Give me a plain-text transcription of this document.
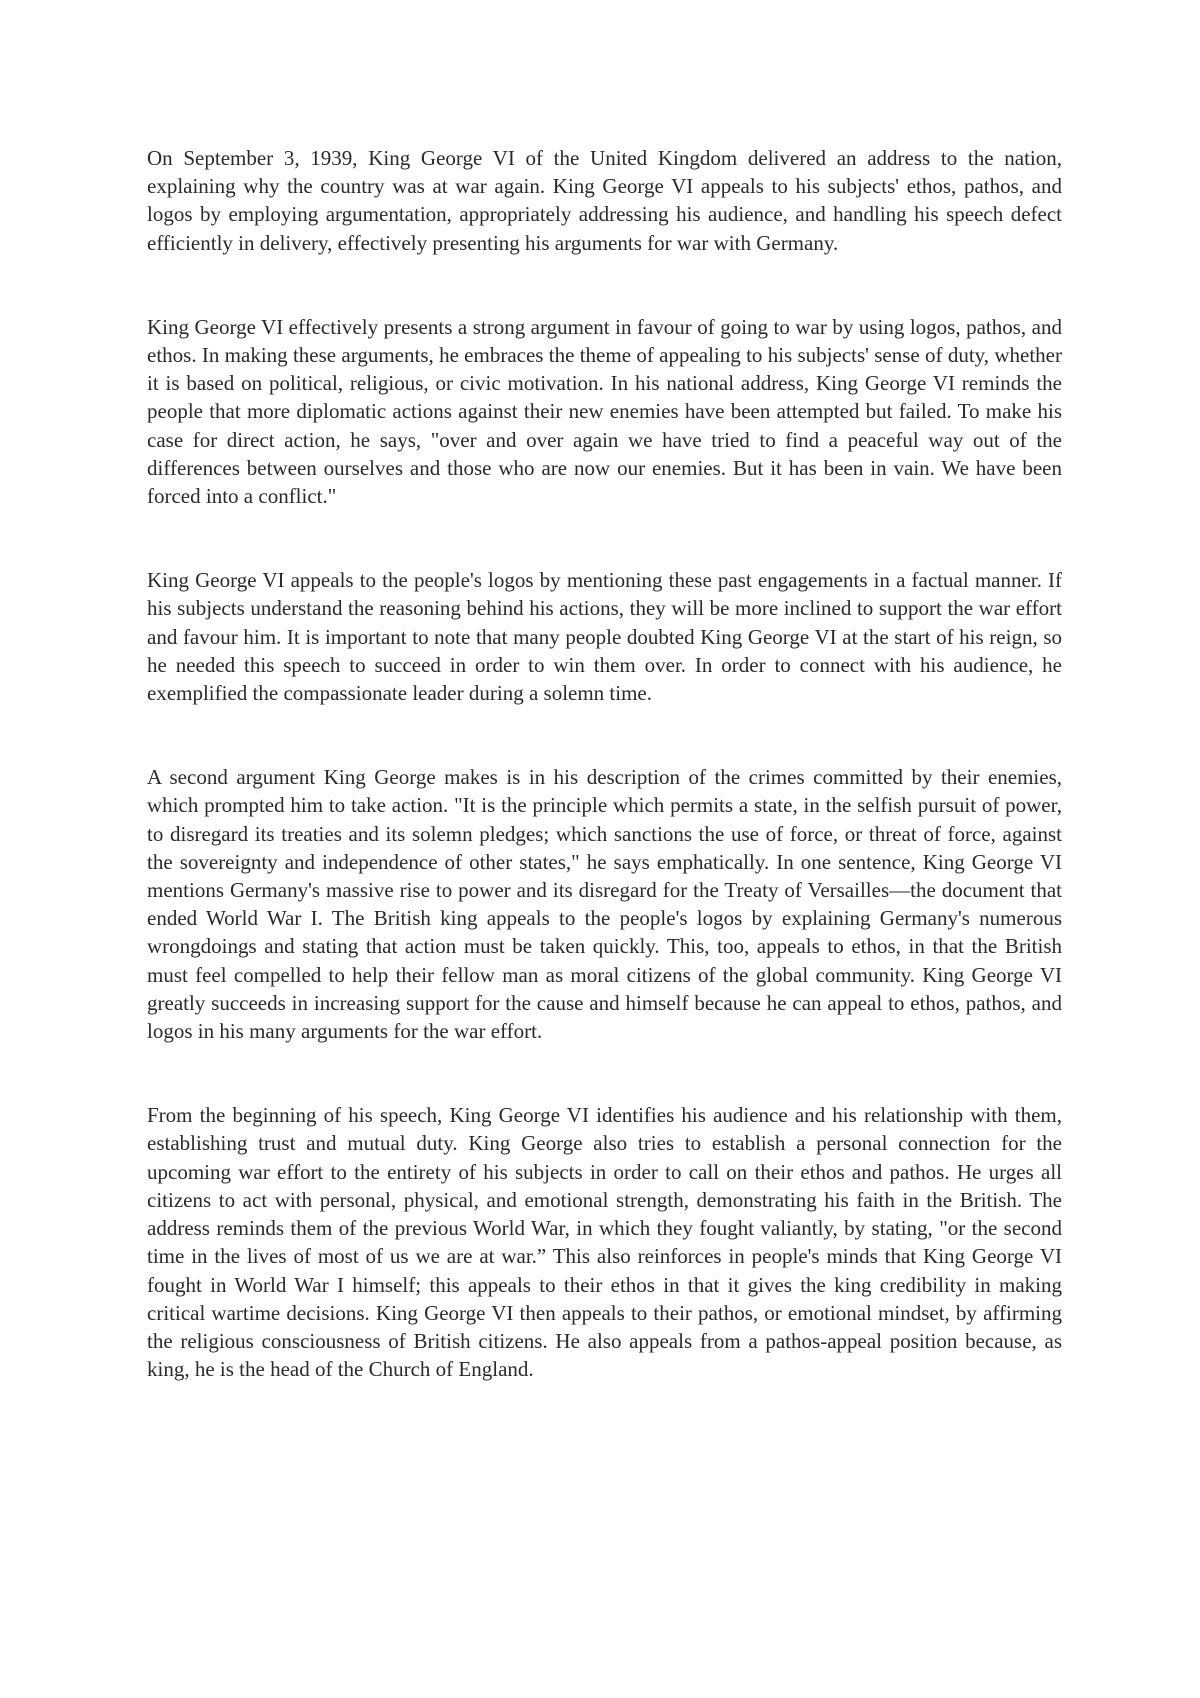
On September 3, 1939, King George VI of the United Kingdom delivered an address to the nation, explaining why the country was at war again. King George VI appeals to his subjects' ethos, pathos, and logos by employing argumentation, appropriately addressing his audience, and handling his speech defect efficiently in delivery, effectively presenting his arguments for war with Germany.

King George VI effectively presents a strong argument in favour of going to war by using logos, pathos, and ethos. In making these arguments, he embraces the theme of appealing to his subjects' sense of duty, whether it is based on political, religious, or civic motivation. In his national address, King George VI reminds the people that more diplomatic actions against their new enemies have been attempted but failed. To make his case for direct action, he says, "over and over again we have tried to find a peaceful way out of the differences between ourselves and those who are now our enemies. But it has been in vain. We have been forced into a conflict."

King George VI appeals to the people's logos by mentioning these past engagements in a factual manner. If his subjects understand the reasoning behind his actions, they will be more inclined to support the war effort and favour him. It is important to note that many people doubted King George VI at the start of his reign, so he needed this speech to succeed in order to win them over. In order to connect with his audience, he exemplified the compassionate leader during a solemn time.

A second argument King George makes is in his description of the crimes committed by their enemies, which prompted him to take action. "It is the principle which permits a state, in the selfish pursuit of power, to disregard its treaties and its solemn pledges; which sanctions the use of force, or threat of force, against the sovereignty and independence of other states," he says emphatically. In one sentence, King George VI mentions Germany's massive rise to power and its disregard for the Treaty of Versailles—the document that ended World War I. The British king appeals to the people's logos by explaining Germany's numerous wrongdoings and stating that action must be taken quickly. This, too, appeals to ethos, in that the British must feel compelled to help their fellow man as moral citizens of the global community. King George VI greatly succeeds in increasing support for the cause and himself because he can appeal to ethos, pathos, and logos in his many arguments for the war effort.

From the beginning of his speech, King George VI identifies his audience and his relationship with them, establishing trust and mutual duty. King George also tries to establish a personal connection for the upcoming war effort to the entirety of his subjects in order to call on their ethos and pathos. He urges all citizens to act with personal, physical, and emotional strength, demonstrating his faith in the British. The address reminds them of the previous World War, in which they fought valiantly, by stating, "or the second time in the lives of most of us we are at war.” This also reinforces in people's minds that King George VI fought in World War I himself; this appeals to their ethos in that it gives the king credibility in making critical wartime decisions. King George VI then appeals to their pathos, or emotional mindset, by affirming the religious consciousness of British citizens. He also appeals from a pathos-appeal position because, as king, he is the head of the Church of England.
